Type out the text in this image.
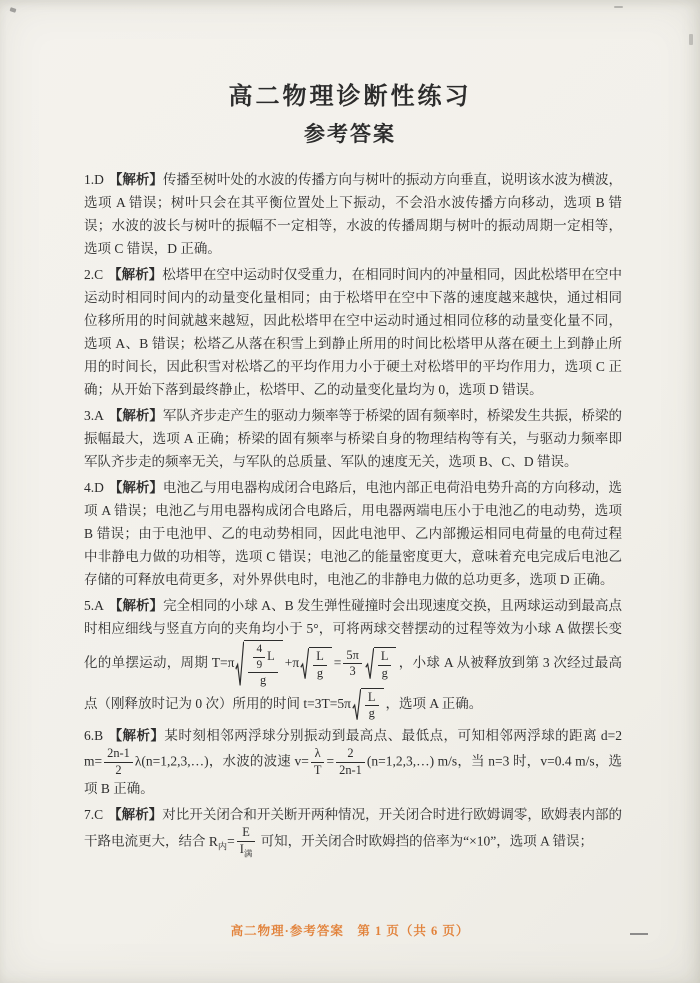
高二物理诊断性练习
参考答案

1.D 【解析】传播至树叶处的水波的传播方向与树叶的振动方向垂直，说明该水波为横波，选项 A 错误；树叶只会在其平衡位置处上下振动，不会沿水波传播方向移动，选项 B 错误；水波的波长与树叶的振幅不一定相等，水波的传播周期与树叶的振动周期一定相等，选项 C 错误，D 正确。

2.C 【解析】松塔甲在空中运动时仅受重力，在相同时间内的冲量相同，因此松塔甲在空中运动时相同时间内的动量变化量相同；由于松塔甲在空中下落的速度越来越快，通过相同位移所用的时间就越来越短，因此松塔甲在空中运动时通过相同位移的动量变化量不同，选项 A、B 错误；松塔乙从落在积雪上到静止所用的时间比松塔甲从落在硬土上到静止所用的时间长，因此积雪对松塔乙的平均作用力小于硬土对松塔甲的平均作用力，选项 C 正确；从开始下落到最终静止，松塔甲、乙的动量变化量均为 0，选项 D 错误。

3.A 【解析】军队齐步走产生的驱动力频率等于桥梁的固有频率时，桥梁发生共振，桥梁的振幅最大，选项 A 正确；桥梁的固有频率与桥梁自身的物理结构等有关，与驱动力频率即军队齐步走的频率无关，与军队的总质量、军队的速度无关，选项 B、C、D 错误。

4.D 【解析】电池乙与用电器构成闭合电路后，电池内部正电荷沿电势升高的方向移动，选项 A 错误；电池乙与用电器构成闭合电路后，用电器两端电压小于电池乙的电动势，选项 B 错误；由于电池甲、乙的电动势相同，因此电池甲、乙内部搬运相同电荷量的电荷过程中非静电力做的功相等，选项 C 错误；电池乙的能量密度更大，意味着充电完成后电池乙存储的可释放电荷更多，对外界供电时，电池乙的非静电力做的总功更多，选项 D 正确。

5.A 【解析】完全相同的小球 A、B 发生弹性碰撞时会出现速度交换，且两球运动到最高点时相应细线与竖直方向的夹角均小于 5°，可将两球交替摆动的过程等效为小球 A 做摆长变化的单摆运动，周期 $T=\pi \frac{\frac{4}{9} L}{g} +\pi \frac{L}{g} = \frac{5\pi}{3} \frac{L}{g}$ ，小球 A 从被释放到第 3 次经过最高点（刚释放时记为 0 次）所用的时间 $t=3T=5\pi \frac{L}{g}$ ，选项 A 正确。

6.B 【解析】某时刻相邻两浮球分别振动到最高点、最低点，可知相邻两浮球的距离 d=2 $m= \frac{2n-1}{2}$ λ(n=1,2,3,…)，水波的波速 $v= \frac{\lambda}{T} = \frac{2}{2n-1}$ (n=1,2,3,…) m/s，当 n=3 时，v=0.4 m/s，选项 B 正确。

7.C 【解析】对比开关闭合和开关断开两种情况，开关闭合时进行欧姆调零，欧姆表内部的干路电流更大，结合 $R_内= \frac{E}{I_满}$ 可知，开关闭合时欧姆挡的倍率为“×10”，选项 A 错误；

高二物理·参考答案　第 1 页（共 6 页）
